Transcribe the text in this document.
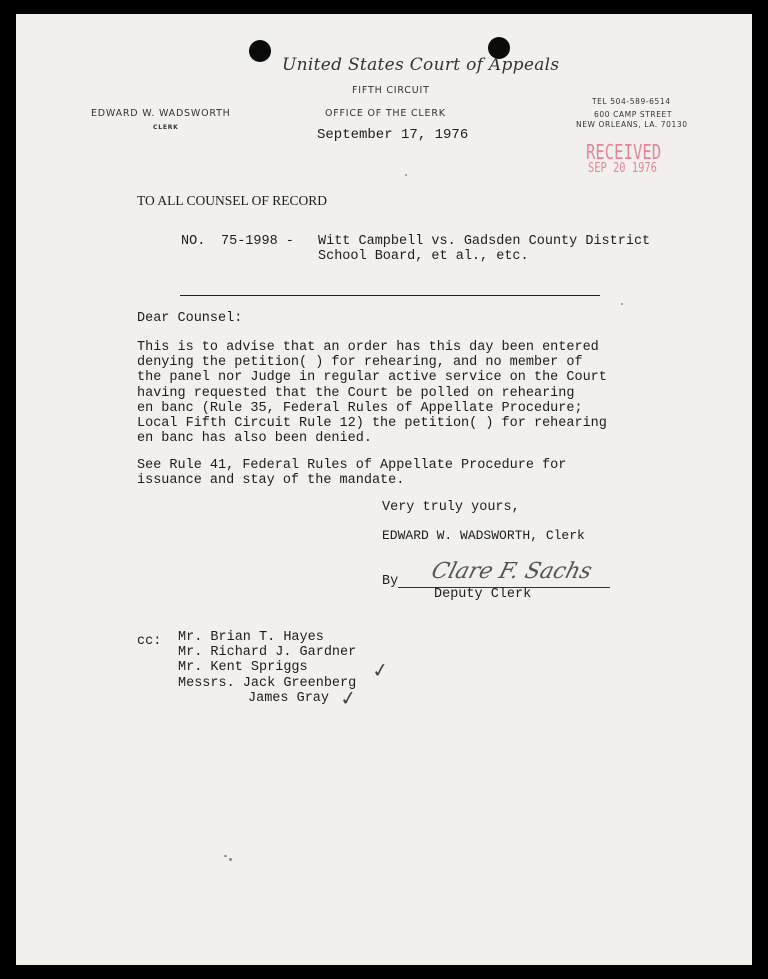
United States Court of Appeals
FIFTH CIRCUIT
OFFICE OF THE CLERK
September 17, 1976
EDWARD W. WADSWORTH
CLERK
TEL 504-589-6514
600 CAMP STREET
NEW ORLEANS, LA. 70130
RECEIVED
SEP 20 1976
TO ALL COUNSEL OF RECORD
NO. 75-1998 - Witt Campbell vs. Gadsden County District
School Board, et al., etc.
Dear Counsel:
This is to advise that an order has this day been entered
denying the petition( ) for rehearing, and no member of
the panel nor Judge in regular active service on the Court
having requested that the Court be polled on rehearing
en banc (Rule 35, Federal Rules of Appellate Procedure;
Local Fifth Circuit Rule 12) the petition( ) for rehearing
en banc has also been denied.
See Rule 41, Federal Rules of Appellate Procedure for
issuance and stay of the mandate.
Very truly yours,
EDWARD W. WADSWORTH, Clerk
By Clare F. Sachs
Deputy Clerk
cc: Mr. Brian T. Hayes
Mr. Richard J. Gardner
Mr. Kent Spriggs
Messrs. Jack Greenberg
James Gray
✓
✓
